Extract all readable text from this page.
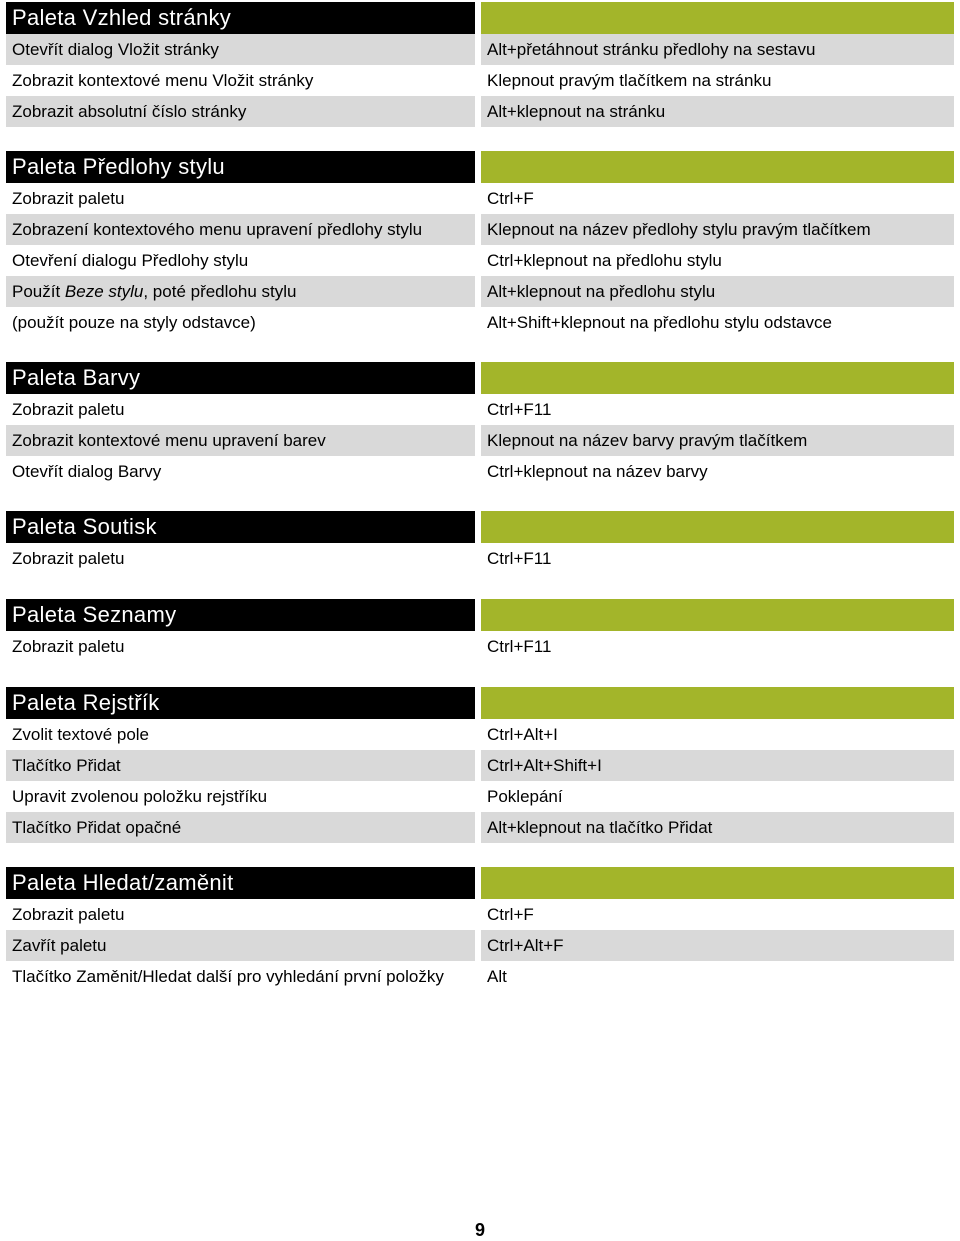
Paleta Vzhled stránky
Otevřít dialog Vložit stránky	Alt+přetáhnout stránku předlohy na sestavu
Zobrazit kontextové menu Vložit stránky	Klepnout pravým tlačítkem na stránku
Zobrazit absolutní číslo stránky	Alt+klepnout na stránku
Paleta Předlohy stylu
Zobrazit paletu	Ctrl+F
Zobrazení kontextového menu upravení předlohy stylu	Klepnout na název předlohy stylu pravým tlačítkem
Otevření dialogu Předlohy stylu	Ctrl+klepnout na předlohu stylu
Použít Beze stylu, poté předlohu stylu	Alt+klepnout na předlohu stylu
(použít pouze na styly odstavce)	Alt+Shift+klepnout na předlohu stylu odstavce
Paleta Barvy
Zobrazit paletu	Ctrl+F11
Zobrazit kontextové menu upravení barev	Klepnout na název barvy pravým tlačítkem
Otevřít dialog Barvy	Ctrl+klepnout na název barvy
Paleta Soutisk
Zobrazit paletu	Ctrl+F11
Paleta Seznamy
Zobrazit paletu	Ctrl+F11
Paleta Rejstřík
Zvolit textové pole	Ctrl+Alt+I
Tlačítko Přidat	Ctrl+Alt+Shift+I
Upravit zvolenou položku rejstříku	Poklepání
Tlačítko Přidat opačné	Alt+klepnout na tlačítko Přidat
Paleta Hledat/zaměnit
Zobrazit paletu	Ctrl+F
Zavřít paletu	Ctrl+Alt+F
Tlačítko Zaměnit/Hledat další pro vyhledání první položky	Alt
9
